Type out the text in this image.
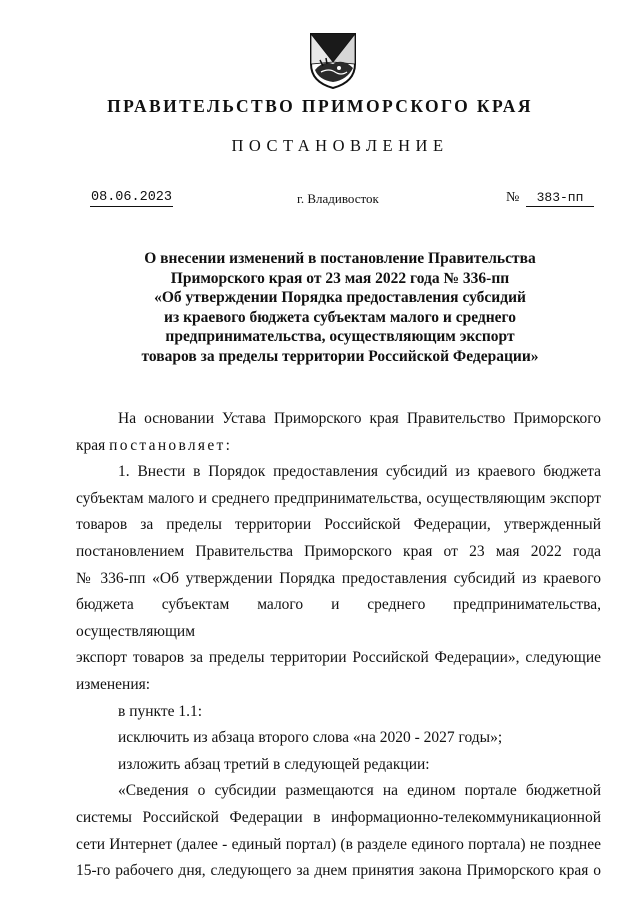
ПРАВИТЕЛЬСТВО ПРИМОРСКОГО КРАЯ
ПОСТАНОВЛЕНИЕ
08.06.2023	г. Владивосток	№	383-пп
О внесении изменений в постановление Правительства
Приморского края от 23 мая 2022 года № 336-пп
«Об утверждении Порядка предоставления субсидий
из краевого бюджета субъектам малого и среднего
предпринимательства, осуществляющим экспорт
товаров за пределы территории Российской Федерации»
На основании Устава Приморского края Правительство Приморского
края постановляет:
1. Внести в Порядок предоставления субсидий из краевого бюджета
субъектам малого и среднего предпринимательства, осуществляющим экспорт
товаров за пределы территории Российской Федерации, утвержденный
постановлением Правительства Приморского края от 23 мая 2022 года
№ 336-пп «Об утверждении Порядка предоставления субсидий из краевого
бюджета субъектам малого и среднего предпринимательства, осуществляющим
экспорт товаров за пределы территории Российской Федерации», следующие
изменения:
в пункте 1.1:
исключить из абзаца второго слова «на 2020 - 2027 годы»;
изложить абзац третий в следующей редакции:
«Сведения о субсидии размещаются на едином портале бюджетной
системы Российской Федерации в информационно-телекоммуникационной
сети Интернет (далее - единый портал) (в разделе единого портала) не позднее
15-го рабочего дня, следующего за днем принятия закона Приморского края о
